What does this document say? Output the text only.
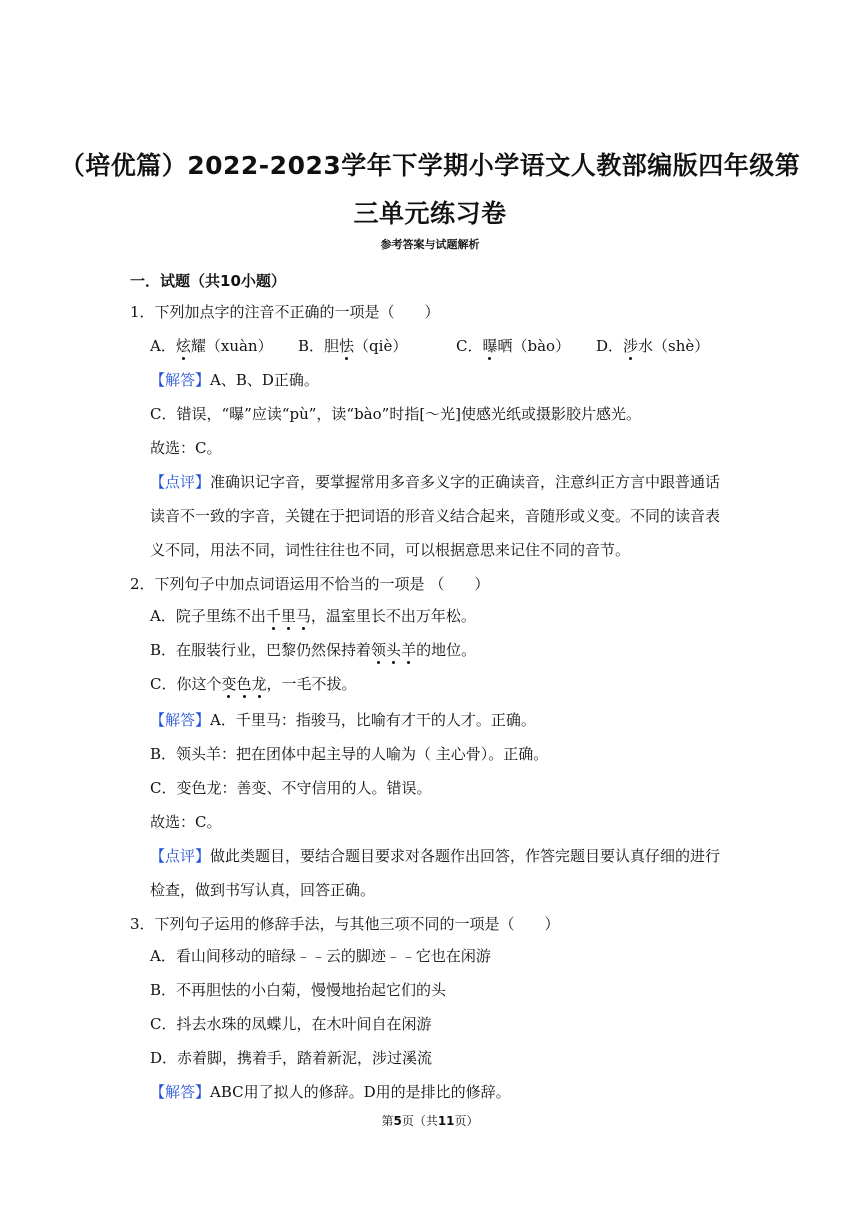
（培优篇）2022-2023学年下学期小学语文人教部编版四年级第
三单元练习卷
参考答案与试题解析
一．试题（共10小题）
1．下列加点字的注音不正确的一项是（　　）
A．炫耀（xuàn） B．胆怯（qiè）	C．曝晒（bào） D．涉水（shè）
【解答】A、B、D正确。
C．错误，“曝”应读“pù”，读“bào”时指[～光]使感光纸或摄影胶片感光。
故选：C。
【点评】准确识记字音，要掌握常用多音多义字的正确读音，注意纠正方言中跟普通话
读音不一致的字音，关键在于把词语的形音义结合起来，音随形或义变。不同的读音表
义不同，用法不同，词性往往也不同，可以根据意思来记住不同的音节。
2．下列句子中加点词语运用不恰当的一项是 （　　）
A．院子里练不出千里马，温室里长不出万年松。
B．在服装行业，巴黎仍然保持着领头羊的地位。
C．你这个变色龙，一毛不拔。
【解答】A．千里马：指骏马，比喻有才干的人才。正确。
B．领头羊：把在团体中起主导的人喻为（ 主心骨）。正确。
C．变色龙：善变、不守信用的人。错误。
故选：C。
【点评】做此类题目，要结合题目要求对各题作出回答，作答完题目要认真仔细的进行
检查，做到书写认真，回答正确。
3．下列句子运用的修辞手法，与其他三项不同的一项是（　　）
A．看山间移动的暗绿﹣﹣云的脚迹﹣﹣它也在闲游
B．不再胆怯的小白菊，慢慢地抬起它们的头
C．抖去水珠的凤蝶儿，在木叶间自在闲游
D．赤着脚，携着手，踏着新泥，涉过溪流
【解答】ABC用了拟人的修辞。D用的是排比的修辞。
第5页（共11页）
